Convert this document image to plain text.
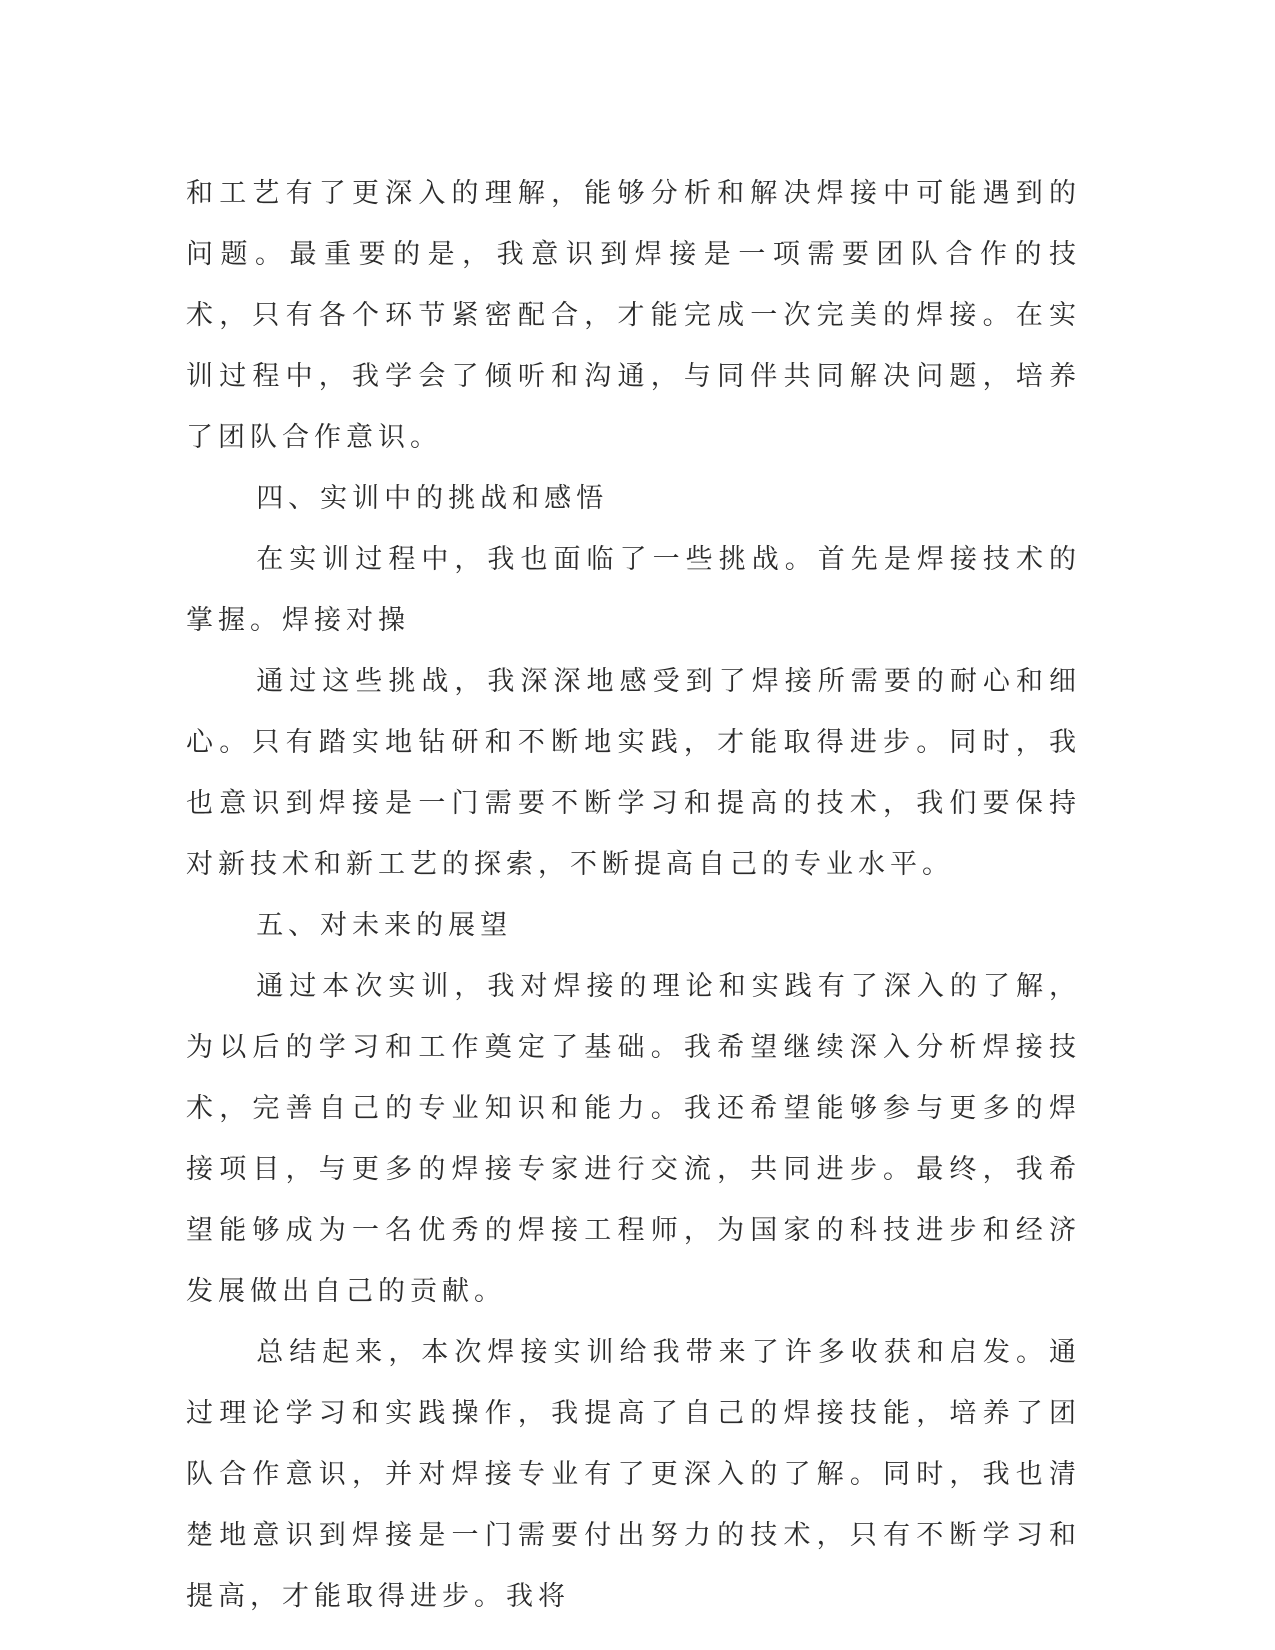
和工艺有了更深入的理解，能够分析和解决焊接中可能遇到的问题。最重要的是，我意识到焊接是一项需要团队合作的技术，只有各个环节紧密配合，才能完成一次完美的焊接。在实训过程中，我学会了倾听和沟通，与同伴共同解决问题，培养了团队合作意识。

四、实训中的挑战和感悟

在实训过程中，我也面临了一些挑战。首先是焊接技术的掌握。焊接对操

通过这些挑战，我深深地感受到了焊接所需要的耐心和细心。只有踏实地钻研和不断地实践，才能取得进步。同时，我也意识到焊接是一门需要不断学习和提高的技术，我们要保持对新技术和新工艺的探索，不断提高自己的专业水平。

五、对未来的展望

通过本次实训，我对焊接的理论和实践有了深入的了解，为以后的学习和工作奠定了基础。我希望继续深入分析焊接技术，完善自己的专业知识和能力。我还希望能够参与更多的焊接项目，与更多的焊接专家进行交流，共同进步。最终，我希望能够成为一名优秀的焊接工程师，为国家的科技进步和经济发展做出自己的贡献。

总结起来，本次焊接实训给我带来了许多收获和启发。通过理论学习和实践操作，我提高了自己的焊接技能，培养了团队合作意识，并对焊接专业有了更深入的了解。同时，我也清楚地意识到焊接是一门需要付出努力的技术，只有不断学习和提高，才能取得进步。我将
